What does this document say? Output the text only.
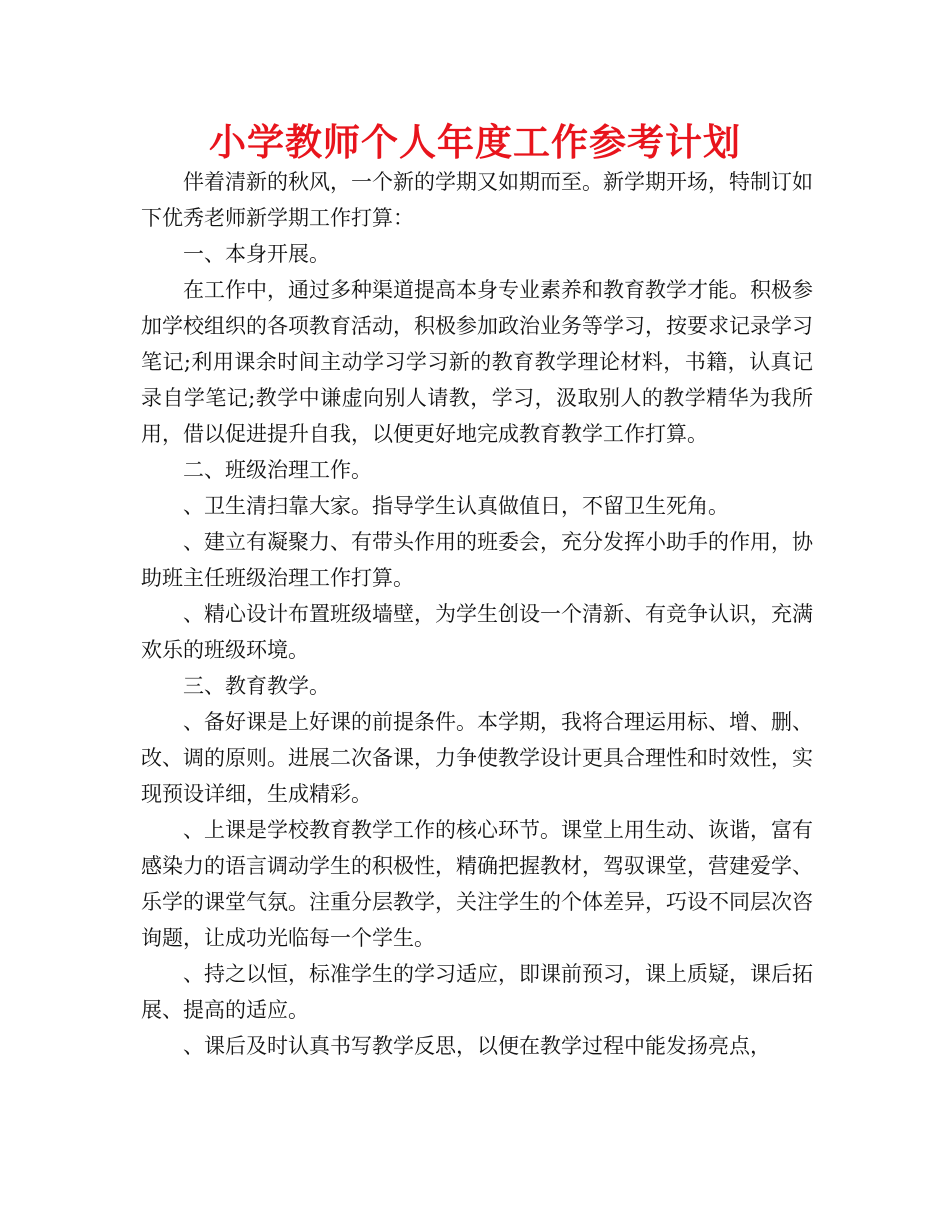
小学教师个人年度工作参考计划

伴着清新的秋风，一个新的学期又如期而至。新学期开场，特制订如下优秀老师新学期工作打算：

一、本身开展。

在工作中，通过多种渠道提高本身专业素养和教育教学才能。积极参加学校组织的各项教育活动，积极参加政治业务等学习，按要求记录学习笔记;利用课余时间主动学习学习新的教育教学理论材料，书籍，认真记录自学笔记;教学中谦虚向别人请教，学习，汲取别人的教学精华为我所用，借以促进提升自我，以便更好地完成教育教学工作打算。

二、班级治理工作。

、卫生清扫靠大家。指导学生认真做值日，不留卫生死角。

、建立有凝聚力、有带头作用的班委会，充分发挥小助手的作用，协助班主任班级治理工作打算。

、精心设计布置班级墙壁，为学生创设一个清新、有竞争认识，充满欢乐的班级环境。

三、教育教学。

、备好课是上好课的前提条件。本学期，我将合理运用标、增、删、改、调的原则。进展二次备课，力争使教学设计更具合理性和时效性，实现预设详细，生成精彩。

、上课是学校教育教学工作的核心环节。课堂上用生动、诙谐，富有感染力的语言调动学生的积极性，精确把握教材，驾驭课堂，营建爱学、乐学的课堂气氛。注重分层教学，关注学生的个体差异，巧设不同层次咨询题，让成功光临每一个学生。

、持之以恒，标准学生的学习适应，即课前预习，课上质疑，课后拓展、提高的适应。

、课后及时认真书写教学反思，以便在教学过程中能发扬亮点，
